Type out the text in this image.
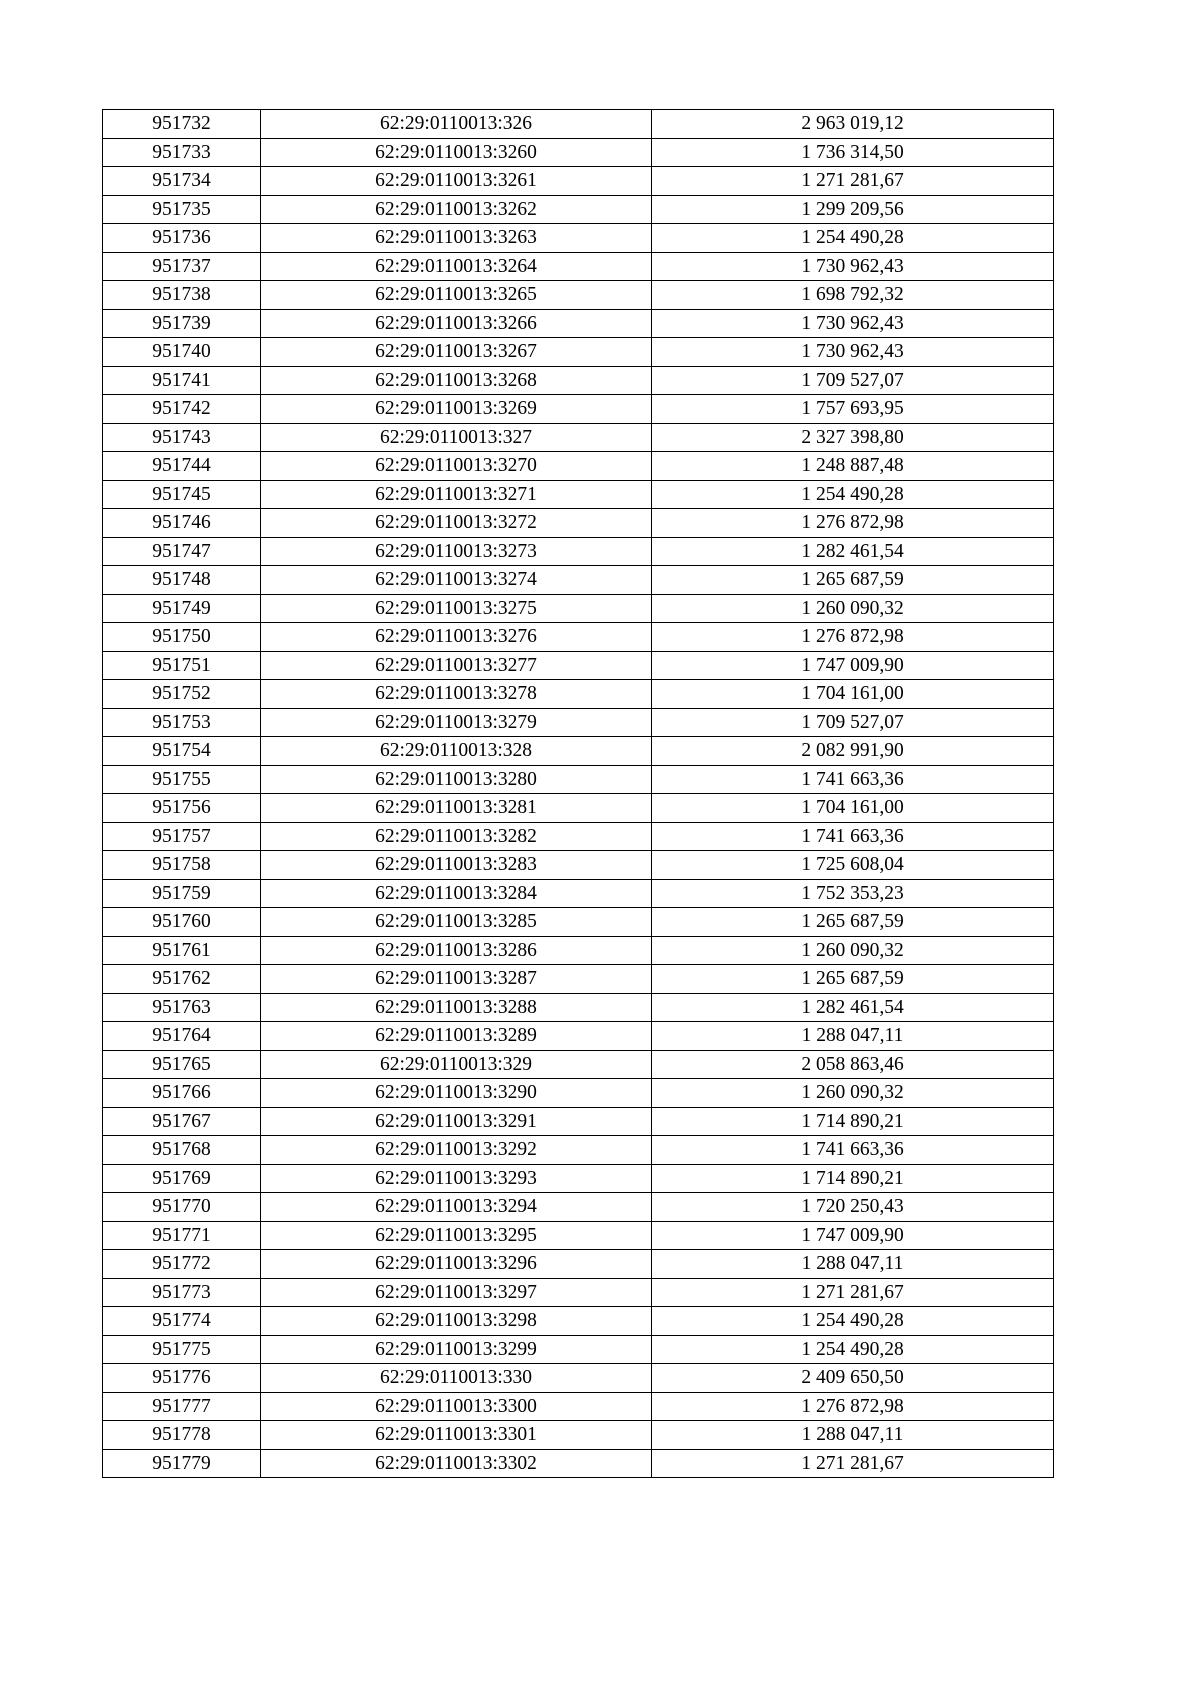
951732	62:29:0110013:326	2 963 019,12
951733	62:29:0110013:3260	1 736 314,50
951734	62:29:0110013:3261	1 271 281,67
951735	62:29:0110013:3262	1 299 209,56
951736	62:29:0110013:3263	1 254 490,28
951737	62:29:0110013:3264	1 730 962,43
951738	62:29:0110013:3265	1 698 792,32
951739	62:29:0110013:3266	1 730 962,43
951740	62:29:0110013:3267	1 730 962,43
951741	62:29:0110013:3268	1 709 527,07
951742	62:29:0110013:3269	1 757 693,95
951743	62:29:0110013:327	2 327 398,80
951744	62:29:0110013:3270	1 248 887,48
951745	62:29:0110013:3271	1 254 490,28
951746	62:29:0110013:3272	1 276 872,98
951747	62:29:0110013:3273	1 282 461,54
951748	62:29:0110013:3274	1 265 687,59
951749	62:29:0110013:3275	1 260 090,32
951750	62:29:0110013:3276	1 276 872,98
951751	62:29:0110013:3277	1 747 009,90
951752	62:29:0110013:3278	1 704 161,00
951753	62:29:0110013:3279	1 709 527,07
951754	62:29:0110013:328	2 082 991,90
951755	62:29:0110013:3280	1 741 663,36
951756	62:29:0110013:3281	1 704 161,00
951757	62:29:0110013:3282	1 741 663,36
951758	62:29:0110013:3283	1 725 608,04
951759	62:29:0110013:3284	1 752 353,23
951760	62:29:0110013:3285	1 265 687,59
951761	62:29:0110013:3286	1 260 090,32
951762	62:29:0110013:3287	1 265 687,59
951763	62:29:0110013:3288	1 282 461,54
951764	62:29:0110013:3289	1 288 047,11
951765	62:29:0110013:329	2 058 863,46
951766	62:29:0110013:3290	1 260 090,32
951767	62:29:0110013:3291	1 714 890,21
951768	62:29:0110013:3292	1 741 663,36
951769	62:29:0110013:3293	1 714 890,21
951770	62:29:0110013:3294	1 720 250,43
951771	62:29:0110013:3295	1 747 009,90
951772	62:29:0110013:3296	1 288 047,11
951773	62:29:0110013:3297	1 271 281,67
951774	62:29:0110013:3298	1 254 490,28
951775	62:29:0110013:3299	1 254 490,28
951776	62:29:0110013:330	2 409 650,50
951777	62:29:0110013:3300	1 276 872,98
951778	62:29:0110013:3301	1 288 047,11
951779	62:29:0110013:3302	1 271 281,67
